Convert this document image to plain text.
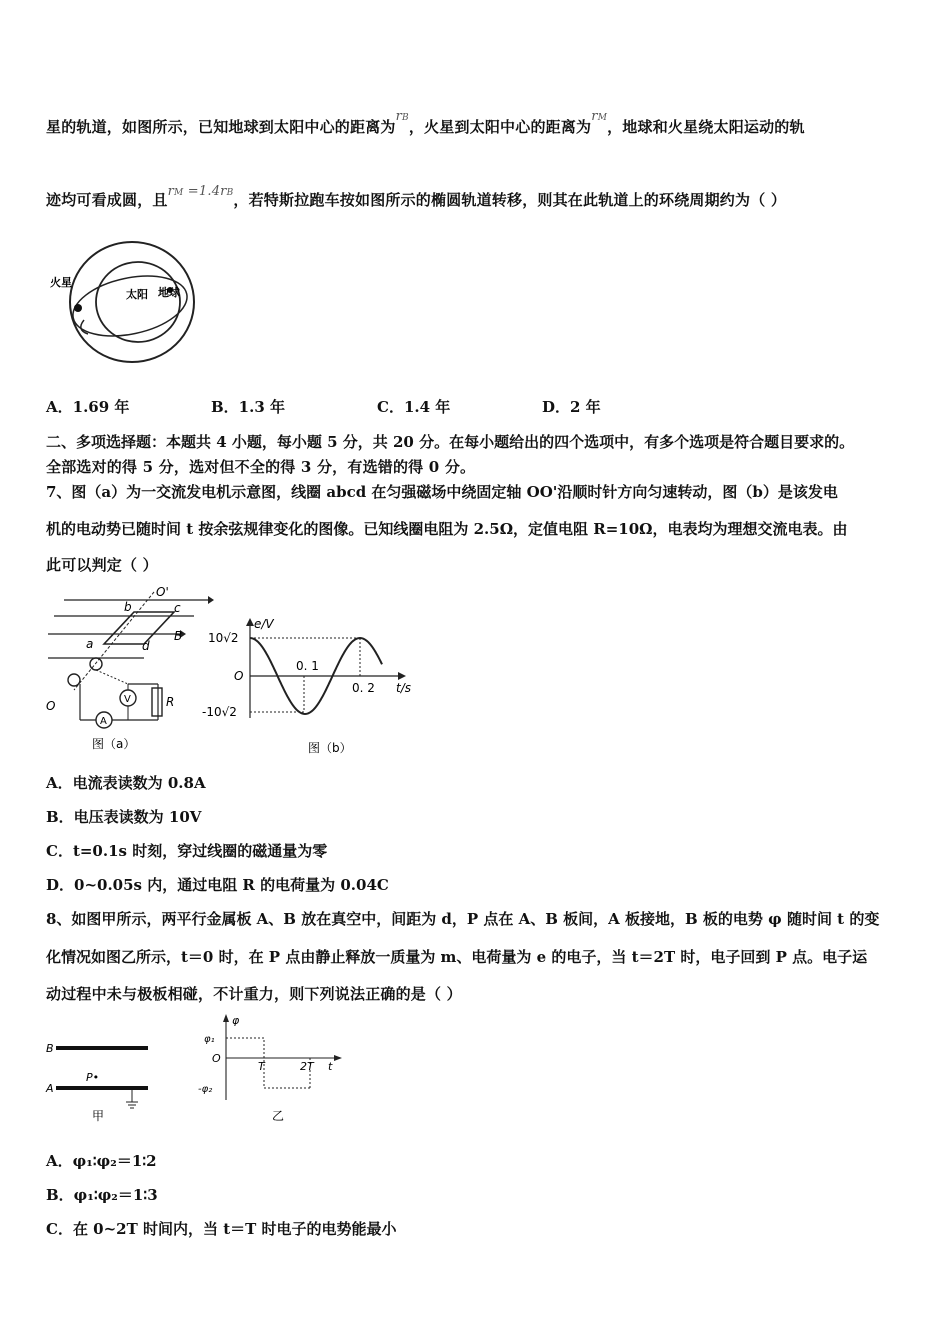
星的轨道，如图所示，已知地球到太阳中心的距离为rB，火星到太阳中心的距离为rM，地球和火星绕太阳运动的轨
迹均可看成圆，且rM =1.4rB，若特斯拉跑车按如图所示的椭圆轨道转移，则其在此轨道上的环绕周期约为（ ）
火星
太阳 地球
A．1.69 年	B．1.3 年	C．1.4 年	D．2 年
二、多项选择题：本题共 4 小题，每小题 5 分，共 20 分。在每小题给出的四个选项中，有多个选项是符合题目要求的。
全部选对的得 5 分，选对但不全的得 3 分，有选错的得 0 分。
7、图（a）为一交流发电机示意图，线圈 abcd 在匀强磁场中绕固定轴 OO'沿顺时针方向匀速转动，图（b）是该发电
机的电动势已随时间 t 按余弦规律变化的图像。已知线圈电阻为 2.5Ω，定值电阻 R=10Ω，电表均为理想交流电表。由
此可以判定（ ）
O'
O
a
b	c
d
B
R
V
A
图（a）
e/V
10√2
O
0. 1
0. 2 t/s
-10√2
图（b）
A．电流表读数为 0.8A
B．电压表读数为 10V
C．t=0.1s 时刻，穿过线圈的磁通量为零
D．0~0.05s 内，通过电阻 R 的电荷量为 0.04C
8、如图甲所示，两平行金属板 A、B 放在真空中，间距为 d，P 点在 A、B 板间，A 板接地，B 板的电势 φ 随时间 t 的变
化情况如图乙所示，t＝0 时，在 P 点由静止释放一质量为 m、电荷量为 e 的电子，当 t＝2T 时，电子回到 P 点。电子运
动过程中未与极板相碰，不计重力，则下列说法正确的是（ ）
B
A
P•
甲
φ
φ₁
O
T	2T t
-φ₂
乙
A．φ₁∶φ₂＝1∶2
B．φ₁∶φ₂＝1∶3
C．在 0~2T 时间内，当 t＝T 时电子的电势能最小
